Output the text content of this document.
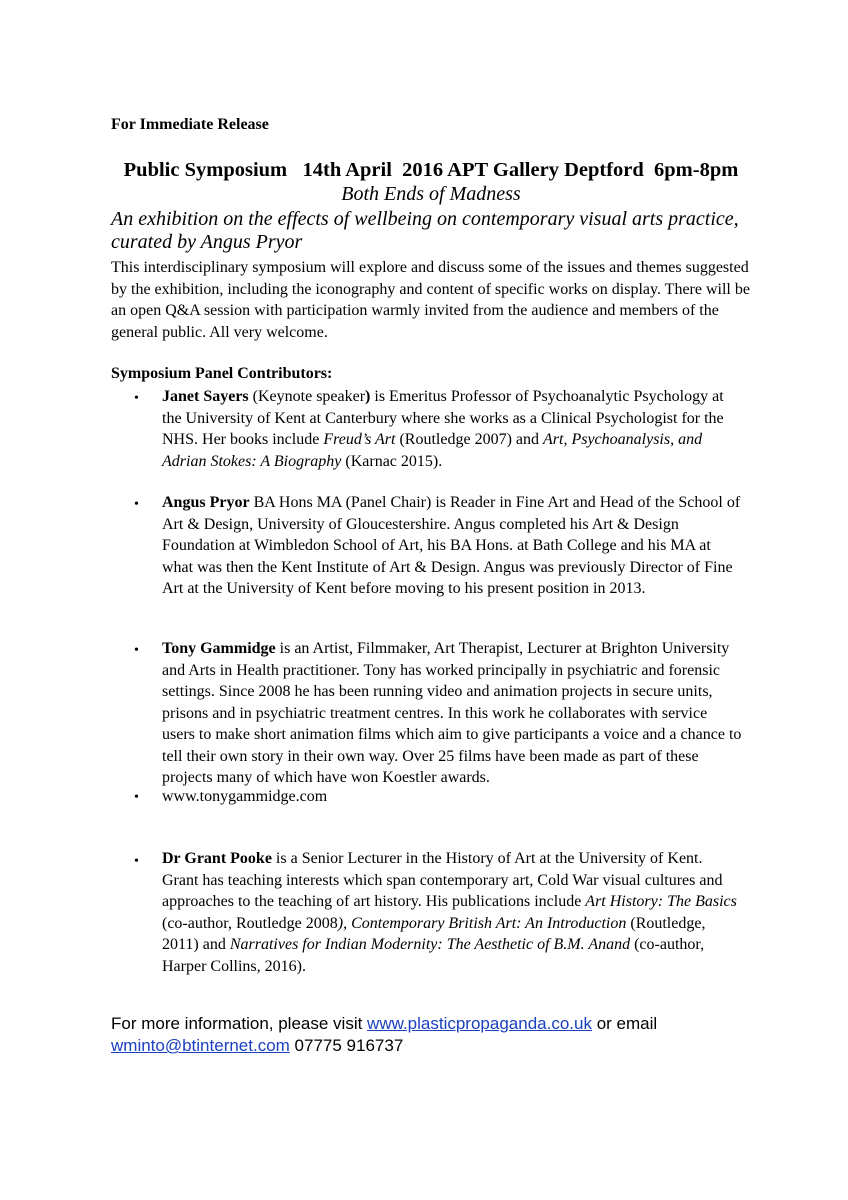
For Immediate Release
Public Symposium   14th April  2016 APT Gallery Deptford  6pm-8pm
Both Ends of Madness
An exhibition on the effects of wellbeing on contemporary visual arts practice, curated by Angus Pryor
This interdisciplinary symposium will explore and discuss some of the issues and themes suggested by the exhibition, including the iconography and content of specific works on display. There will be an open Q&A session with participation warmly invited from the audience and members of the general public. All very welcome.
Symposium Panel Contributors:
• Janet Sayers (Keynote speaker) is Emeritus Professor of Psychoanalytic Psychology at the University of Kent at Canterbury where she works as a Clinical Psychologist for the NHS. Her books include Freud’s Art (Routledge 2007) and Art, Psychoanalysis, and Adrian Stokes: A Biography (Karnac 2015).
• Angus Pryor BA Hons MA (Panel Chair) is Reader in Fine Art and Head of the School of Art & Design, University of Gloucestershire. Angus completed his Art & Design Foundation at Wimbledon School of Art, his BA Hons. at Bath College and his MA at what was then the Kent Institute of Art & Design. Angus was previously Director of Fine Art at the University of Kent before moving to his present position in 2013.
• Tony Gammidge is an Artist, Filmmaker, Art Therapist, Lecturer at Brighton University and Arts in Health practitioner. Tony has worked principally in psychiatric and forensic settings. Since 2008 he has been running video and animation projects in secure units, prisons and in psychiatric treatment centres. In this work he collaborates with service users to make short animation films which aim to give participants a voice and a chance to tell their own story in their own way. Over 25 films have been made as part of these projects many of which have won Koestler awards.
• www.tonygammidge.com
• Dr Grant Pooke is a Senior Lecturer in the History of Art at the University of Kent. Grant has teaching interests which span contemporary art, Cold War visual cultures and approaches to the teaching of art history. His publications include Art History: The Basics (co-author, Routledge 2008), Contemporary British Art: An Introduction (Routledge, 2011) and Narratives for Indian Modernity: The Aesthetic of B.M. Anand (co-author, Harper Collins, 2016).
For more information, please visit www.plasticpropaganda.co.uk or email
wminto@btinternet.com 07775 916737
